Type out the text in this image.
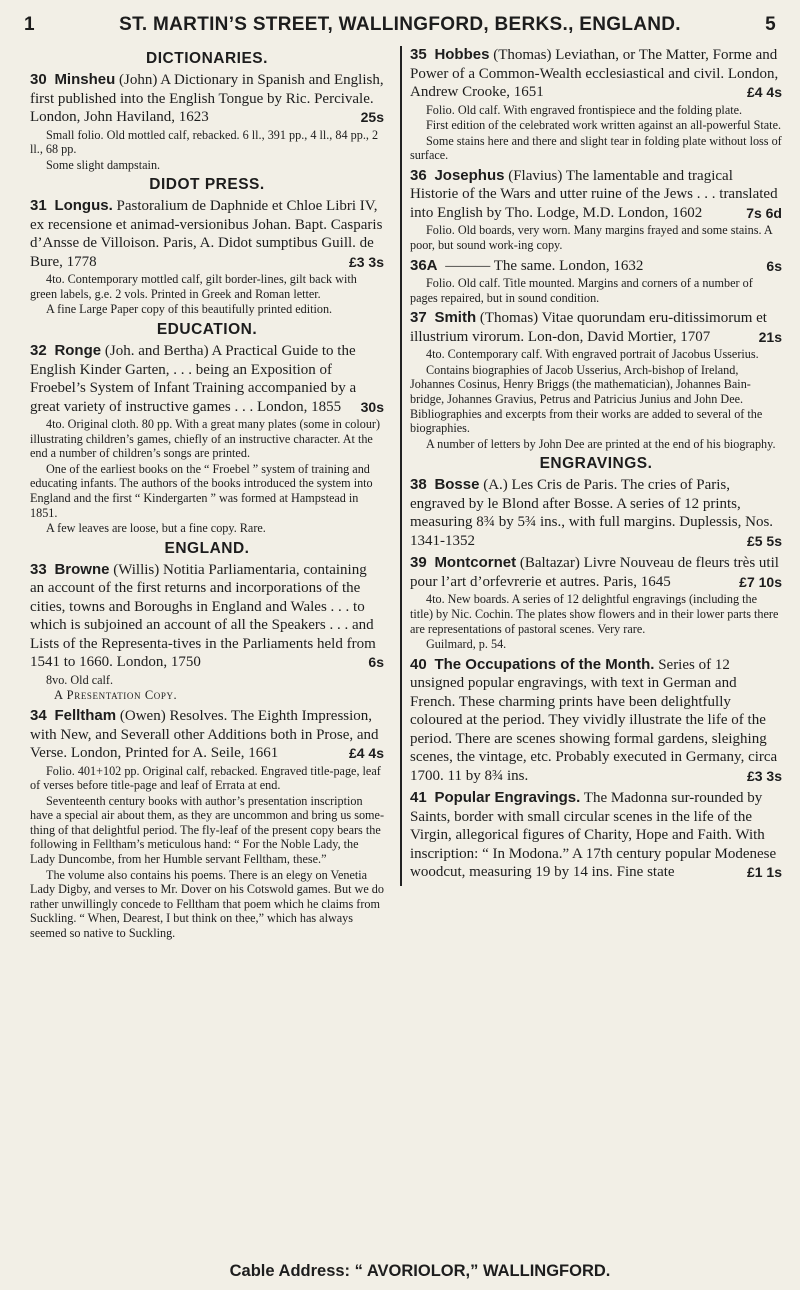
1	ST. MARTIN’S STREET, WALLINGFORD, BERKS., ENGLAND.	5
DICTIONARIES.
30 Minsheu (John) A Dictionary in Spanish and English, first published into the English Tongue by Ric. Percivale. London, John Haviland, 1623	25s
Small folio. Old mottled calf, rebacked. 6 ll., 391 pp., 4 ll., 84 pp., 2 ll., 68 pp.
Some slight dampstain.
DIDOT PRESS.
31 Longus. Pastoralium de Daphnide et Chloe Libri IV, ex recensione et animad-versionibus Johan. Bapt. Casparis d’Ansse de Villoison. Paris, A. Didot sumptibus Guill. de Bure, 1778	£3 3s
4to. Contemporary mottled calf, gilt border-lines, gilt back with green labels, g.e. 2 vols. Printed in Greek and Roman letter.
A fine Large Paper copy of this beautifully printed edition.
EDUCATION.
32 Ronge (Joh. and Bertha) A Practical Guide to the English Kinder Garten, . . . being an Exposition of Froebel’s System of Infant Training accompanied by a great variety of instructive games . . . London, 1855 30s
4to. Original cloth. 80 pp. With a great many plates (some in colour) illustrating children’s games, chiefly of an instructive character. At the end a number of children’s songs are printed.
One of the earliest books on the “ Froebel ” system of training and educating infants. The authors of the books introduced the system into England and the first “ Kindergarten ” was formed at Hampstead in 1851.
A few leaves are loose, but a fine copy. Rare.
ENGLAND.
33 Browne (Willis) Notitia Parliamentaria, containing an account of the first returns and incorporations of the cities, towns and Boroughs in England and Wales . . . to which is subjoined an account of all the Speakers . . . and Lists of the Representa-tives in the Parliaments held from 1541 to 1660. London, 1750	6s
8vo. Old calf.
A Presentation Copy.
34 Felltham (Owen) Resolves. The Eighth Impression, with New, and Severall other Additions both in Prose, and Verse. London, Printed for A. Seile, 1661	£4 4s
Folio. 401+102 pp. Original calf, rebacked. Engraved title-page, leaf of verses before title-page and leaf of Errata at end.
Seventeenth century books with author’s presentation inscription have a special air about them, as they are uncommon and bring us some-thing of that delightful period. The fly-leaf of the present copy bears the following in Felltham’s meticulous hand: “ For the Noble Lady, the Lady Duncombe, from her Humble servant Felltham, these.”
The volume also contains his poems. There is an elegy on Venetia Lady Digby, and verses to Mr. Dover on his Cotswold games. But we do rather unwillingly concede to Felltham that poem which he claims from Suckling. “ When, Dearest, I but think on thee,” which has always seemed so native to Suckling.
35 Hobbes (Thomas) Leviathan, or The Matter, Forme and Power of a Common-Wealth ecclesiastical and civil. London, Andrew Crooke, 1651	£4 4s
Folio. Old calf. With engraved frontispiece and the folding plate.
First edition of the celebrated work written against an all-powerful State.
Some stains here and there and slight tear in folding plate without loss of surface.
36 Josephus (Flavius) The lamentable and tragical Historie of the Wars and utter ruine of the Jews . . . translated into English by Tho. Lodge, M.D. London, 1602	7s 6d
Folio. Old boards, very worn. Many margins frayed and some stains. A poor, but sound work-ing copy.
36A ——— The same. London, 1632	6s
Folio. Old calf. Title mounted. Margins and corners of a number of pages repaired, but in sound condition.
37 Smith (Thomas) Vitae quorundam eru-ditissimorum et illustrium virorum. Lon-don, David Mortier, 1707	21s
4to. Contemporary calf. With engraved portrait of Jacobus Usserius.
Contains biographies of Jacob Usserius, Arch-bishop of Ireland, Johannes Cosinus, Henry Briggs (the mathematician), Johannes Bain-bridge, Johannes Gravius, Petrus and Patricius Junius and John Dee. Bibliographies and excerpts from their works are added to several of the biographies.
A number of letters by John Dee are printed at the end of his biography.
ENGRAVINGS.
38 Bosse (A.) Les Cris de Paris. The cries of Paris, engraved by le Blond after Bosse. A series of 12 prints, measuring 8¾ by 5¾ ins., with full margins. Duplessis, Nos. 1341-1352	£5 5s
39 Montcornet (Baltazar) Livre Nouveau de fleurs très util pour l’art d’orfevrerie et autres. Paris, 1645	£7 10s
4to. New boards. A series of 12 delightful engravings (including the title) by Nic. Cochin. The plates show flowers and in their lower parts there are representations of pastoral scenes. Very rare.
Guilmard, p. 54.
40 The Occupations of the Month. Series of 12 unsigned popular engravings, with text in German and French. These charming prints have been delightfully coloured at the period. They vividly illustrate the life of the period. There are scenes showing formal gardens, sleighing scenes, the vintage, etc. Probably executed in Germany, circa 1700. 11 by 8¾ ins.	£3 3s
41 Popular Engravings. The Madonna sur-rounded by Saints, border with small circular scenes in the life of the Virgin, allegorical figures of Charity, Hope and Faith. With inscription: “ In Modona.” A 17th century popular Modenese woodcut, measuring 19 by 14 ins. Fine state	£1 1s
Cable Address: “ AVORIOLOR,” WALLINGFORD.
